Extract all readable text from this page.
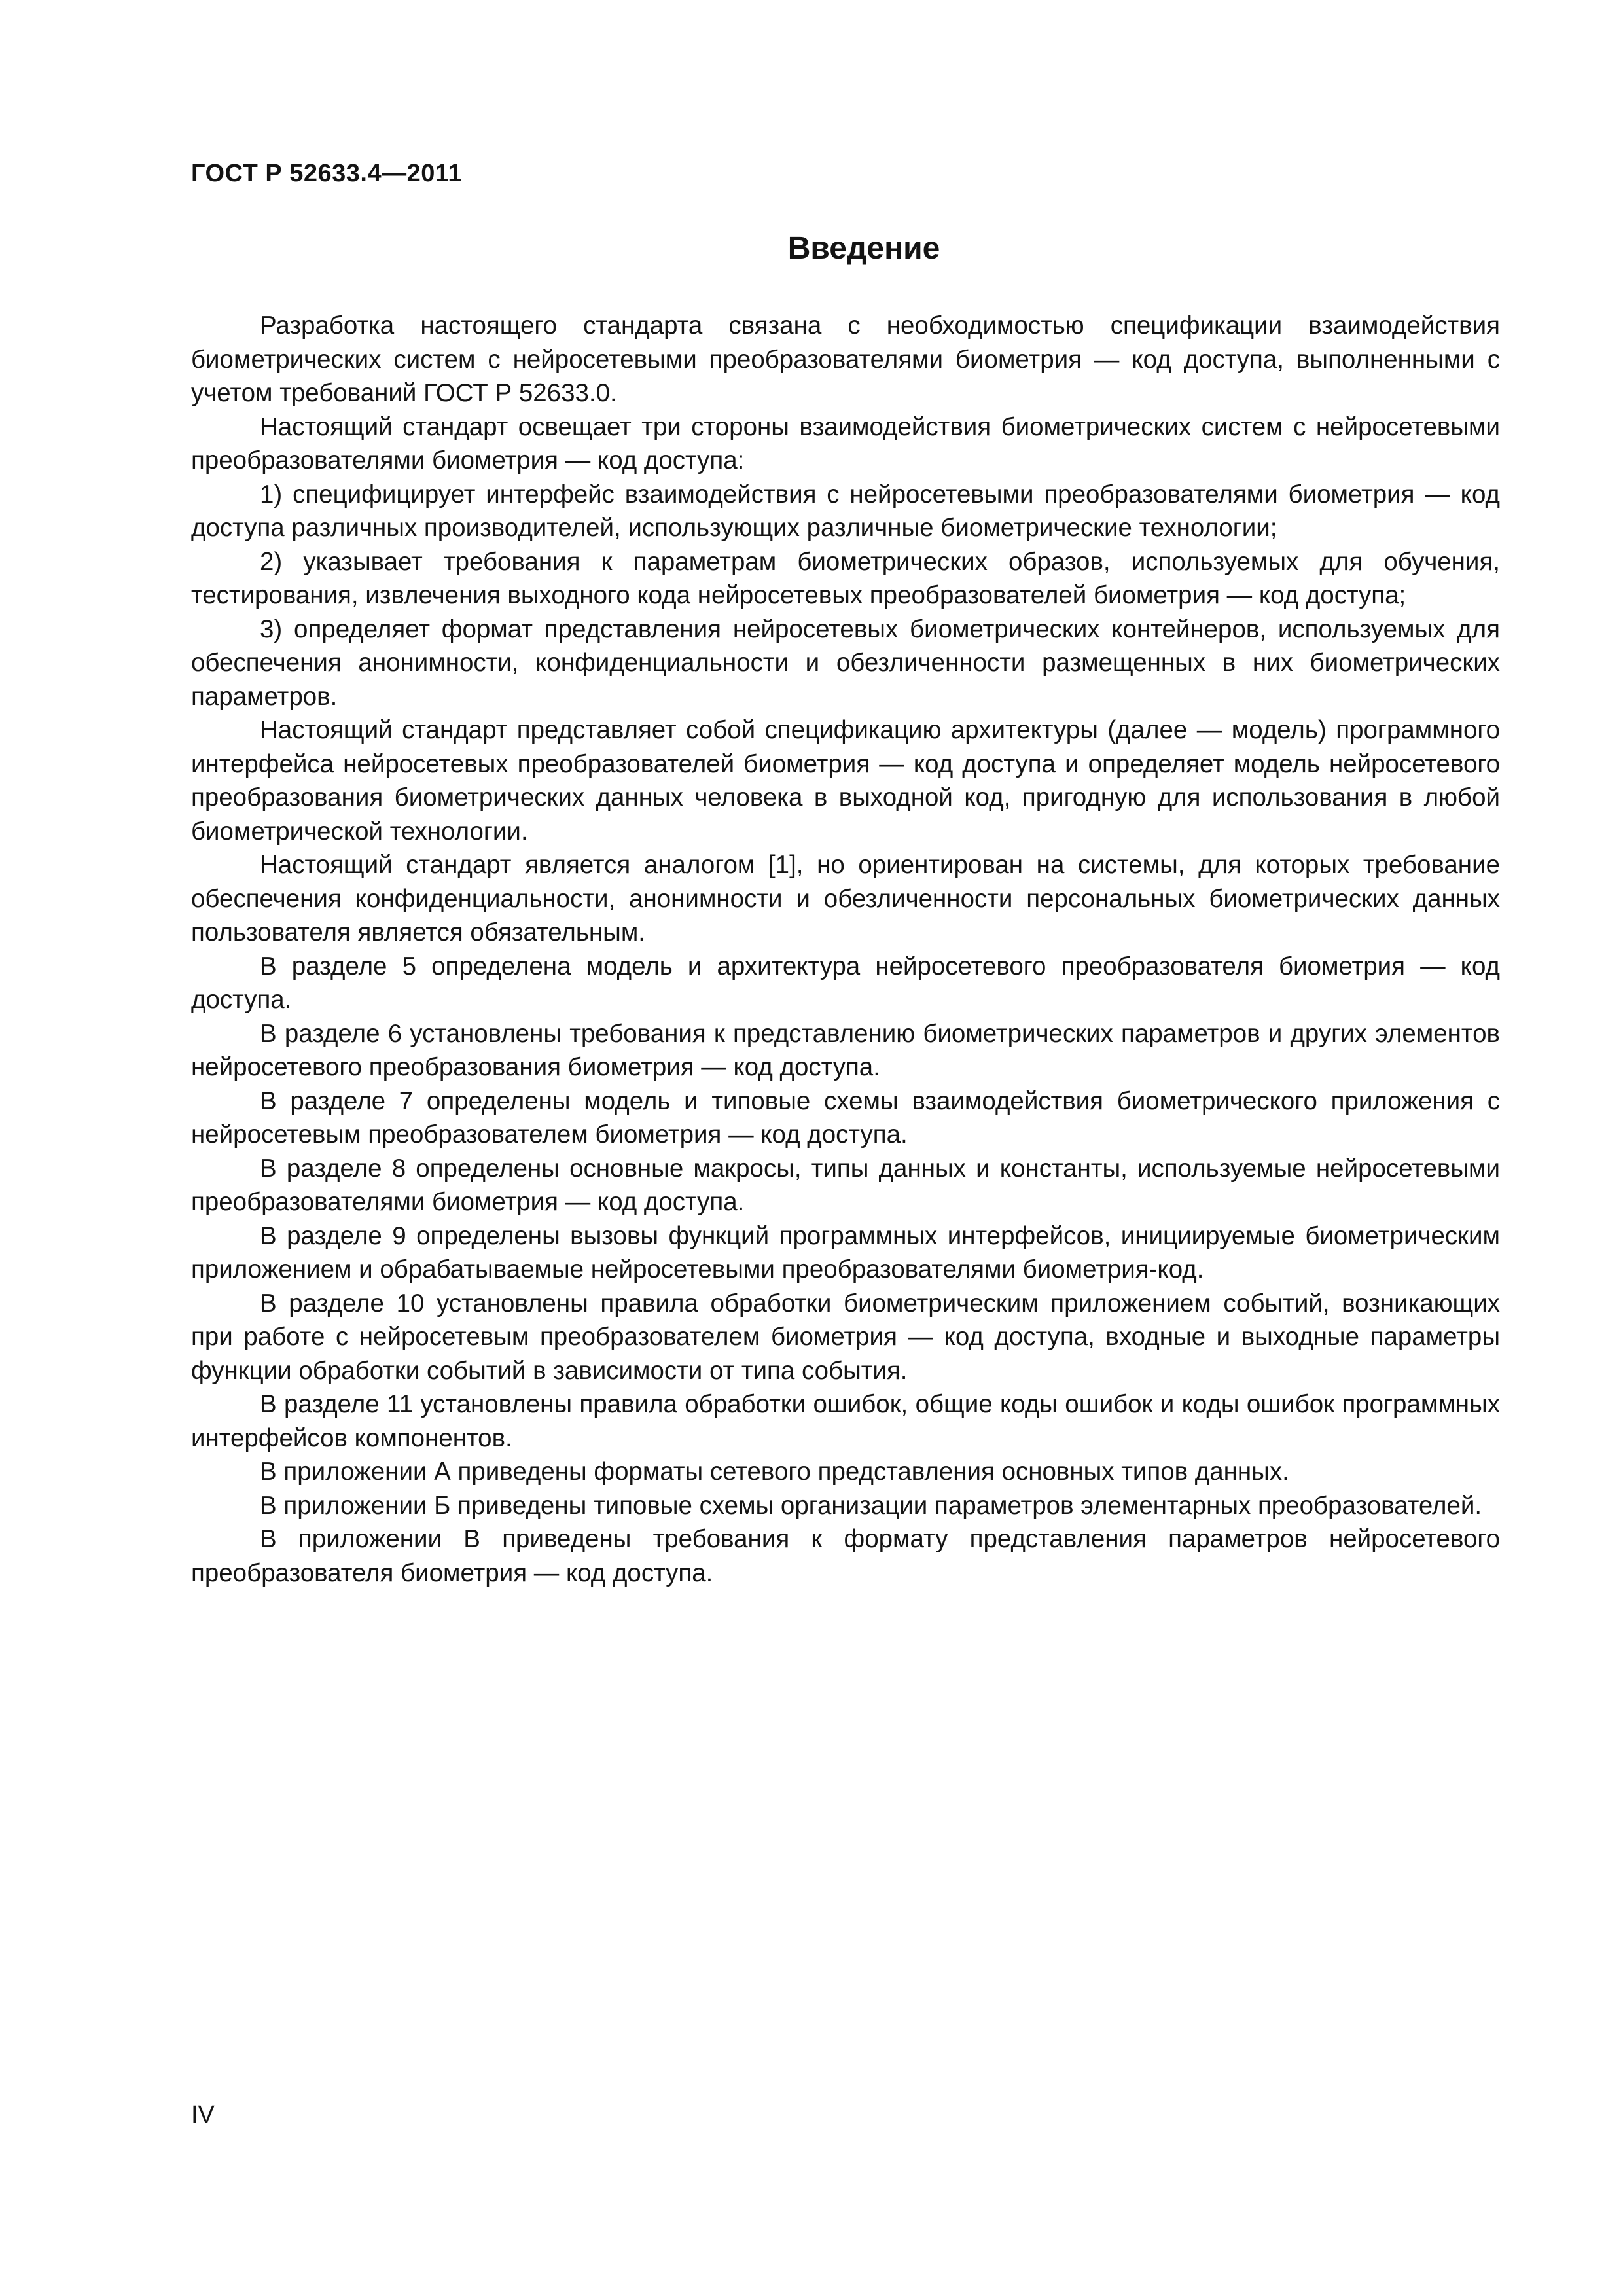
ГОСТ Р 52633.4—2011
Введение

Разработка настоящего стандарта связана с необходимостью спецификации взаимодействия биометрических систем с нейросетевыми преобразователями биометрия — код доступа, выполненными с учетом требований ГОСТ Р 52633.0.

Настоящий стандарт освещает три стороны взаимодействия биометрических систем с нейросетевыми преобразователями биометрия — код доступа:

1) специфицирует интерфейс взаимодействия с нейросетевыми преобразователями биометрия — код доступа различных производителей, использующих различные биометрические технологии;

2) указывает требования к параметрам биометрических образов, используемых для обучения, тестирования, извлечения выходного кода нейросетевых преобразователей биометрия — код доступа;

3) определяет формат представления нейросетевых биометрических контейнеров, используемых для обеспечения анонимности, конфиденциальности и обезличенности размещенных в них биометрических параметров.

Настоящий стандарт представляет собой спецификацию архитектуры (далее — модель) программного интерфейса нейросетевых преобразователей биометрия — код доступа и определяет модель нейросетевого преобразования биометрических данных человека в выходной код, пригодную для использования в любой биометрической технологии.

Настоящий стандарт является аналогом [1], но ориентирован на системы, для которых требование обеспечения конфиденциальности, анонимности и обезличенности персональных биометрических данных пользователя является обязательным.

В разделе 5 определена модель и архитектура нейросетевого преобразователя биометрия — код доступа.

В разделе 6 установлены требования к представлению биометрических параметров и других элементов нейросетевого преобразования биометрия — код доступа.

В разделе 7 определены модель и типовые схемы взаимодействия биометрического приложения с нейросетевым преобразователем биометрия — код доступа.

В разделе 8 определены основные макросы, типы данных и константы, используемые нейросетевыми преобразователями биометрия — код доступа.

В разделе 9 определены вызовы функций программных интерфейсов, инициируемые биометрическим приложением и обрабатываемые нейросетевыми преобразователями биометрия-код.

В разделе 10 установлены правила обработки биометрическим приложением событий, возникающих при работе с нейросетевым преобразователем биометрия — код доступа, входные и выходные параметры функции обработки событий в зависимости от типа события.

В разделе 11 установлены правила обработки ошибок, общие коды ошибок и коды ошибок программных интерфейсов компонентов.

В приложении А приведены форматы сетевого представления основных типов данных.

В приложении Б приведены типовые схемы организации параметров элементарных преобразователей.

В приложении В приведены требования к формату представления параметров нейросетевого преобразователя биометрия — код доступа.

IV
